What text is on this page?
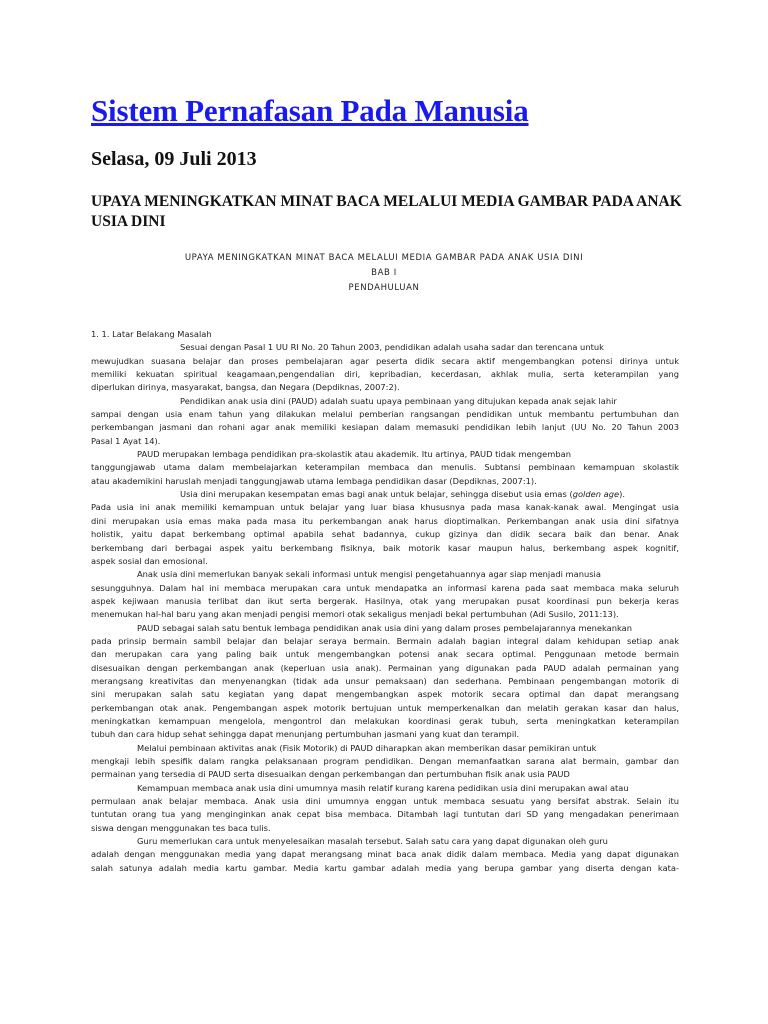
Sistem Pernafasan Pada Manusia
Selasa, 09 Juli 2013
UPAYA MENINGKATKAN MINAT BACA MELALUI MEDIA GAMBAR PADA ANAK USIA DINI
UPAYA MENINGKATKAN MINAT BACA MELALUI MEDIA GAMBAR PADA ANAK USIA DINI
BAB I
PENDAHULUAN
1. 1. Latar Belakang Masalah
Sesuai dengan Pasal 1 UU RI No. 20 Tahun 2003, pendidikan adalah usaha sadar dan terencana untuk
mewujudkan suasana belajar dan proses pembelajaran agar peserta didik secara aktif mengembangkan potensi dirinya untuk
memiliki kekuatan spiritual keagamaan,pengendalian diri, kepribadian, kecerdasan, akhlak mulia, serta keterampilan yang
diperlukan dirinya, masyarakat, bangsa, dan Negara (Depdiknas, 2007:2).
Pendidikan anak usia dini (PAUD) adalah suatu upaya pembinaan yang ditujukan kepada anak sejak lahir
sampai dengan usia enam tahun yang dilakukan melalui pemberian rangsangan pendidikan untuk membantu pertumbuhan dan
perkembangan jasmani dan rohani agar anak memiliki kesiapan dalam memasuki pendidikan lebih lanjut (UU No. 20 Tahun 2003
Pasal 1 Ayat 14).
PAUD merupakan lembaga pendidikan pra-skolastik atau akademik. Itu artinya, PAUD tidak mengemban
tanggungjawab utama dalam membelajarkan keterampilan membaca dan menulis. Subtansi pembinaan kemampuan skolastik
atau akademikini haruslah menjadi tanggungjawab utama lembaga pendidikan dasar (Depdiknas, 2007:1).
Usia dini merupakan kesempatan emas bagi anak untuk belajar, sehingga disebut usia emas (golden age).
Pada usia ini anak memiliki kemampuan untuk belajar yang luar biasa khususnya pada masa kanak-kanak awal. Mengingat usia
dini merupakan usia emas maka pada masa itu perkembangan anak harus dioptimalkan. Perkembangan anak usia dini sifatnya
holistik, yaitu dapat berkembang optimal apabila sehat badannya, cukup gizinya dan didik secara baik dan benar. Anak
berkembang dari berbagai aspek yaitu berkembang fisiknya, baik motorik kasar maupun halus, berkembang aspek kognitif,
aspek sosial dan emosional.
Anak usia dini memerlukan banyak sekali informasi untuk mengisi pengetahuannya agar siap menjadi manusia
sesungguhnya. Dalam hal ini membaca merupakan cara untuk mendapatka an informasi karena pada saat membaca maka seluruh
aspek kejiwaan manusia terlibat dan ikut serta bergerak. Hasilnya, otak yang merupakan pusat koordinasi pun bekerja keras
menemukan hal-hal baru yang akan menjadi pengisi memori otak sekaligus menjadi bekal pertumbuhan (Adi Susilo, 2011:13).
PAUD sebagai salah satu bentuk lembaga pendidikan anak usia dini yang dalam proses pembelajarannya menekankan
pada prinsip bermain sambil belajar dan belajar seraya bermain. Bermain adalah bagian integral dalam kehidupan setiap anak
dan merupakan cara yang paling baik untuk mengembangkan potensi anak secara optimal. Penggunaan metode bermain
disesuaikan dengan perkembangan anak (keperluan usia anak). Permainan yang digunakan pada PAUD adalah permainan yang
merangsang kreativitas dan menyenangkan (tidak ada unsur pemaksaan) dan sederhana. Pembinaan pengembangan motorik di
sini merupakan salah satu kegiatan yang dapat mengembangkan aspek motorik secara optimal dan dapat merangsang
perkembangan otak anak. Pengembangan aspek motorik bertujuan untuk memperkenalkan dan melatih gerakan kasar dan halus,
meningkatkan kemampuan mengelola, mengontrol dan melakukan koordinasi gerak tubuh, serta meningkatkan keterampilan
tubuh dan cara hidup sehat sehingga dapat menunjang pertumbuhan jasmani yang kuat dan terampil.
Melalui pembinaan aktivitas anak (Fisik Motorik) di PAUD diharapkan akan memberikan dasar pemikiran untuk
mengkaji lebih spesifik dalam rangka pelaksanaan program pendidikan. Dengan memanfaatkan sarana alat bermain, gambar dan
permainan yang tersedia di PAUD serta disesuaikan dengan perkembangan dan pertumbuhan fisik anak usia PAUD
Kemampuan membaca anak usia dini umumnya masih relatif kurang karena pedidikan usia dini merupakan awal atau
permulaan anak belajar membaca. Anak usia dini umumnya enggan untuk membaca sesuatu yang bersifat abstrak. Selain itu
tuntutan orang tua yang menginginkan anak cepat bisa membaca. Ditambah lagi tuntutan dari SD yang mengadakan penerimaan
siswa dengan menggunakan tes baca tulis.
Guru memerlukan cara untuk menyelesaikan masalah tersebut. Salah satu cara yang dapat digunakan oleh guru
adalah dengan menggunakan media yang dapat merangsang minat baca anak didik dalam membaca. Media yang dapat digunakan
salah satunya adalah media kartu gambar. Media kartu gambar adalah media yang berupa gambar yang diserta dengan kata-
